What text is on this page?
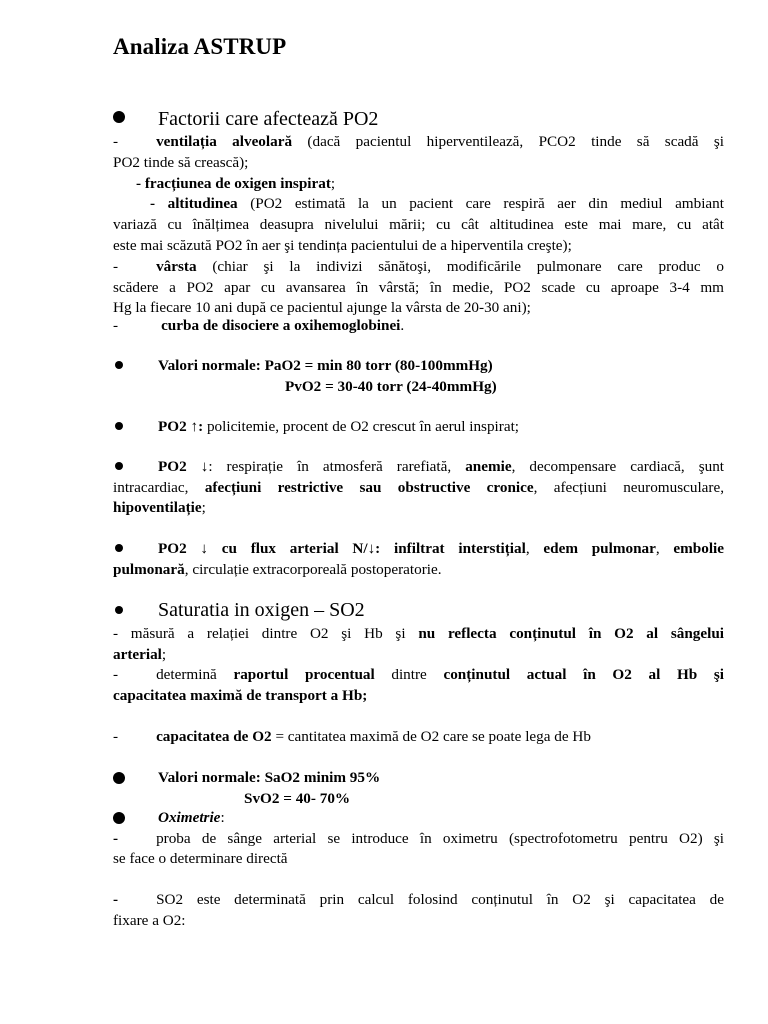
Analiza ASTRUP
Factorii care afectează PO2
-	ventilația alveolară (dacă pacientul hiperventilează, PCO2 tinde să scadă şi
PO2 tinde să crească);
- fracțiunea de oxigen inspirat;
- altitudinea (PO2 estimată la un pacient care respiră aer din mediul ambiant
variază cu înălțimea deasupra nivelului mării; cu cât altitudinea este mai mare, cu atât
este mai scăzută PO2 în aer şi tendința pacientului de a hiperventila creşte);
-	vârsta (chiar şi la indivizi sănătoşi, modificările pulmonare care produc o
scădere a PO2 apar cu avansarea în vârstă; în medie, PO2 scade cu aproape 3-4 mm
Hg la fiecare 10 ani după ce pacientul ajunge la vârsta de 20-30 ani);
-	curba de disociere a oxihemoglobinei.
Valori normale: PaO2 = min 80 torr (80-100mmHg)
PvO2 = 30-40 torr (24-40mmHg)
PO2 ↑: policitemie, procent de O2 crescut în aerul inspirat;
PO2 ↓: respirație în atmosferă rarefiată, anemie, decompensare cardiacă, şunt
intracardiac, afecțiuni restrictive sau obstructive cronice, afecțiuni neuromusculare,
hipoventilație;
PO2 ↓ cu flux arterial N/↓: infiltrat interstițial, edem pulmonar, embolie
pulmonară, circulație extracorporeală postoperatorie.
Saturatia in oxigen – SO2
- măsură a relației dintre O2 şi Hb şi nu reflecta conținutul în O2 al sângelui
arterial;
-	determină raportul procentual dintre conținutul actual în O2 al Hb şi
capacitatea maximă de transport a Hb;
-	capacitatea de O2 = cantitatea maximă de O2 care se poate lega de Hb
Valori normale: SaO2 minim 95%
SvO2 = 40- 70%
Oximetrie:
-	proba de sânge arterial se introduce în oximetru (spectrofotometru pentru O2) şi
se face o determinare directă
-	SO2 este determinată prin calcul folosind conținutul în O2 şi capacitatea de
fixare a O2:
